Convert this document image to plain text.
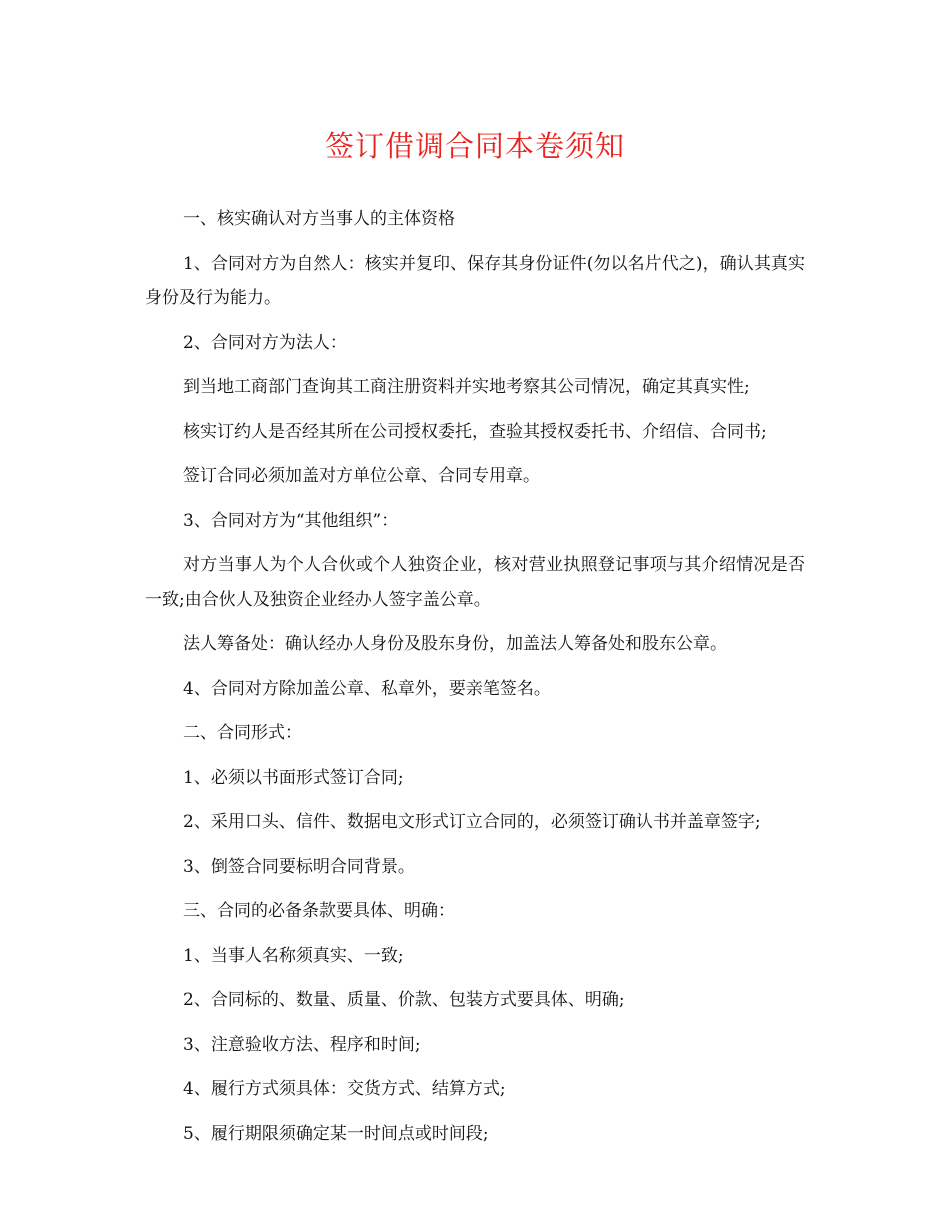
签订借调合同本卷须知

一、核实确认对方当事人的主体资格

1、合同对方为自然人：核实并复印、保存其身份证件(勿以名片代之)，确认其真实身份及行为能力。

2、合同对方为法人：

到当地工商部门查询其工商注册资料并实地考察其公司情况，确定其真实性;

核实订约人是否经其所在公司授权委托，查验其授权委托书、介绍信、合同书;

签订合同必须加盖对方单位公章、合同专用章。

3、合同对方为“其他组织”：

对方当事人为个人合伙或个人独资企业，核对营业执照登记事项与其介绍情况是否一致;由合伙人及独资企业经办人签字盖公章。

法人筹备处：确认经办人身份及股东身份，加盖法人筹备处和股东公章。

4、合同对方除加盖公章、私章外，要亲笔签名。

二、合同形式：

1、必须以书面形式签订合同;

2、采用口头、信件、数据电文形式订立合同的，必须签订确认书并盖章签字;

3、倒签合同要标明合同背景。

三、合同的必备条款要具体、明确：

1、当事人名称须真实、一致;

2、合同标的、数量、质量、价款、包装方式要具体、明确;

3、注意验收方法、程序和时间;

4、履行方式须具体：交货方式、结算方式;

5、履行期限须确定某一时间点或时间段;
